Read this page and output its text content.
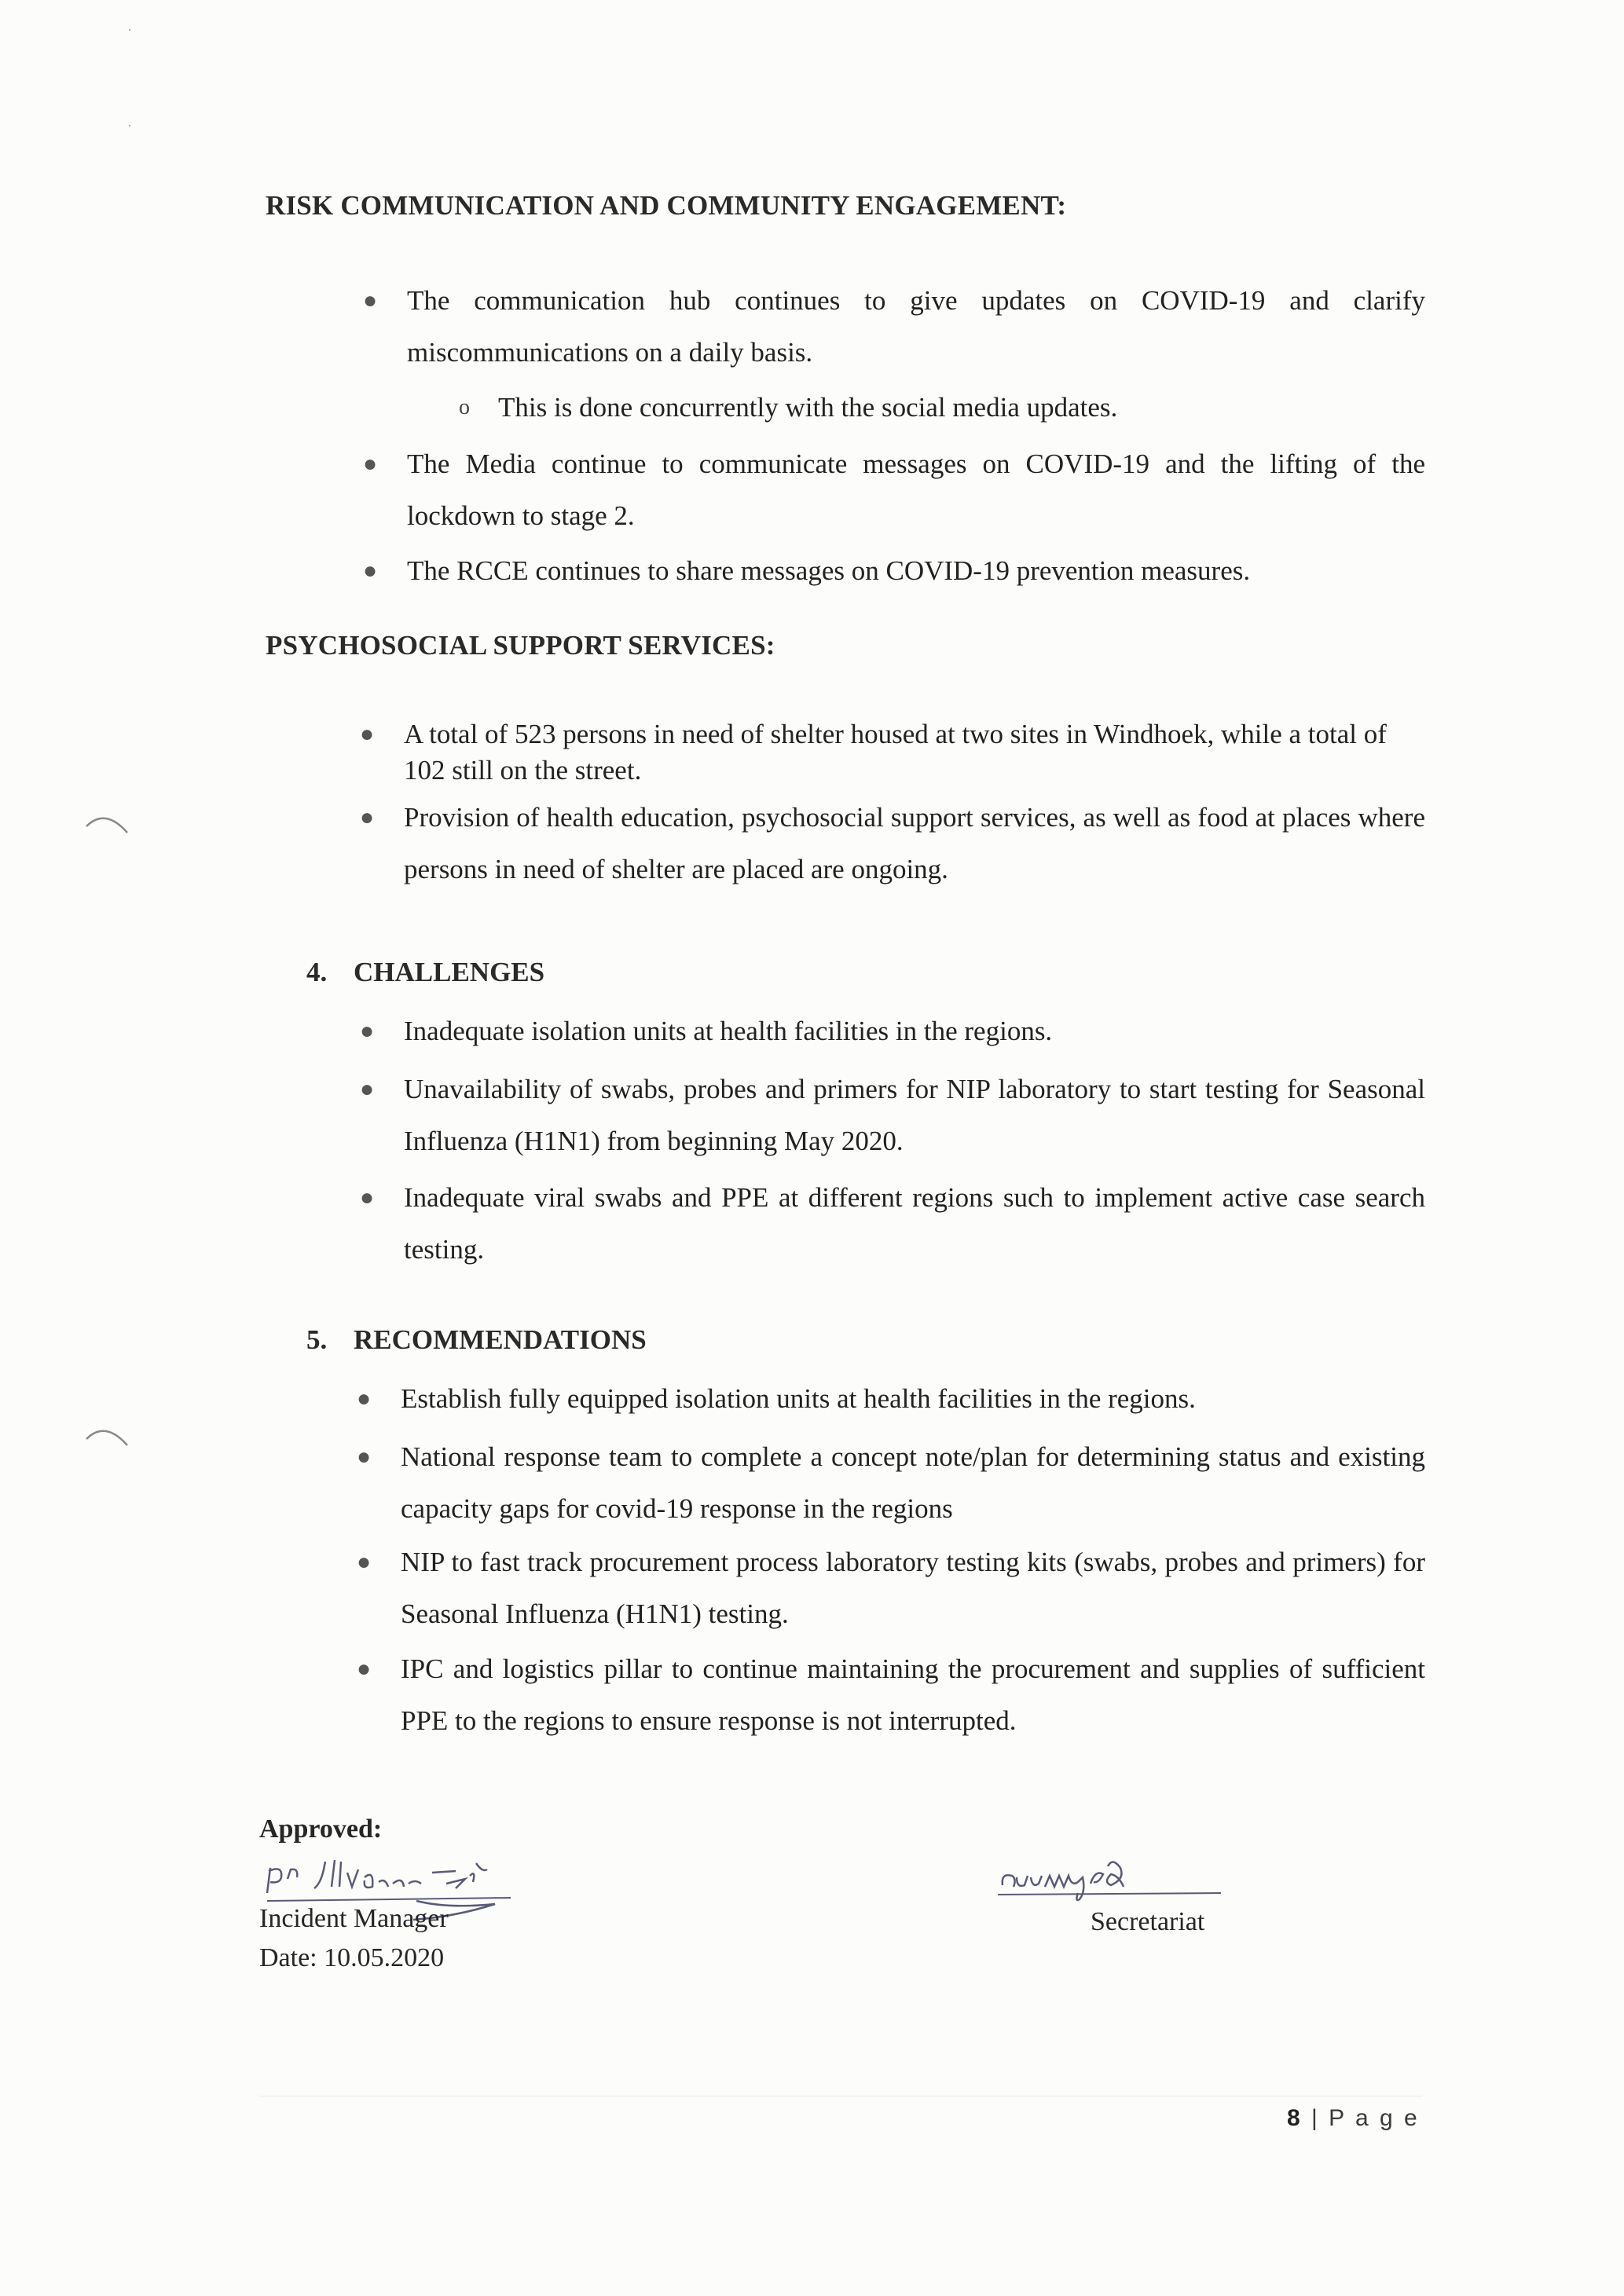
·
·
RISK COMMUNICATION AND COMMUNITY ENGAGEMENT:
● The communication hub continues to give updates on COVID-19 and clarify miscommunications on a daily basis.
o This is done concurrently with the social media updates.
● The Media continue to communicate messages on COVID-19 and the lifting of the lockdown to stage 2.
● The RCCE continues to share messages on COVID-19 prevention measures.
PSYCHOSOCIAL SUPPORT SERVICES:
● A total of 523 persons in need of shelter housed at two sites in Windhoek, while a total of 102 still on the street.
● Provision of health education, psychosocial support services, as well as food at places where persons in need of shelter are placed are ongoing.
4. CHALLENGES
● Inadequate isolation units at health facilities in the regions.
● Unavailability of swabs, probes and primers for NIP laboratory to start testing for Seasonal Influenza (H1N1) from beginning May 2020.
● Inadequate viral swabs and PPE at different regions such to implement active case search testing.
5. RECOMMENDATIONS
● Establish fully equipped isolation units at health facilities in the regions.
● National response team to complete a concept note/plan for determining status and existing capacity gaps for covid-19 response in the regions
● NIP to fast track procurement process laboratory testing kits (swabs, probes and primers) for Seasonal Influenza (H1N1) testing.
● IPC and logistics pillar to continue maintaining the procurement and supplies of sufficient PPE to the regions to ensure response is not interrupted.
Approved:
Incident Manager
Date: 10.05.2020
Secretariat
8 | P a g e
